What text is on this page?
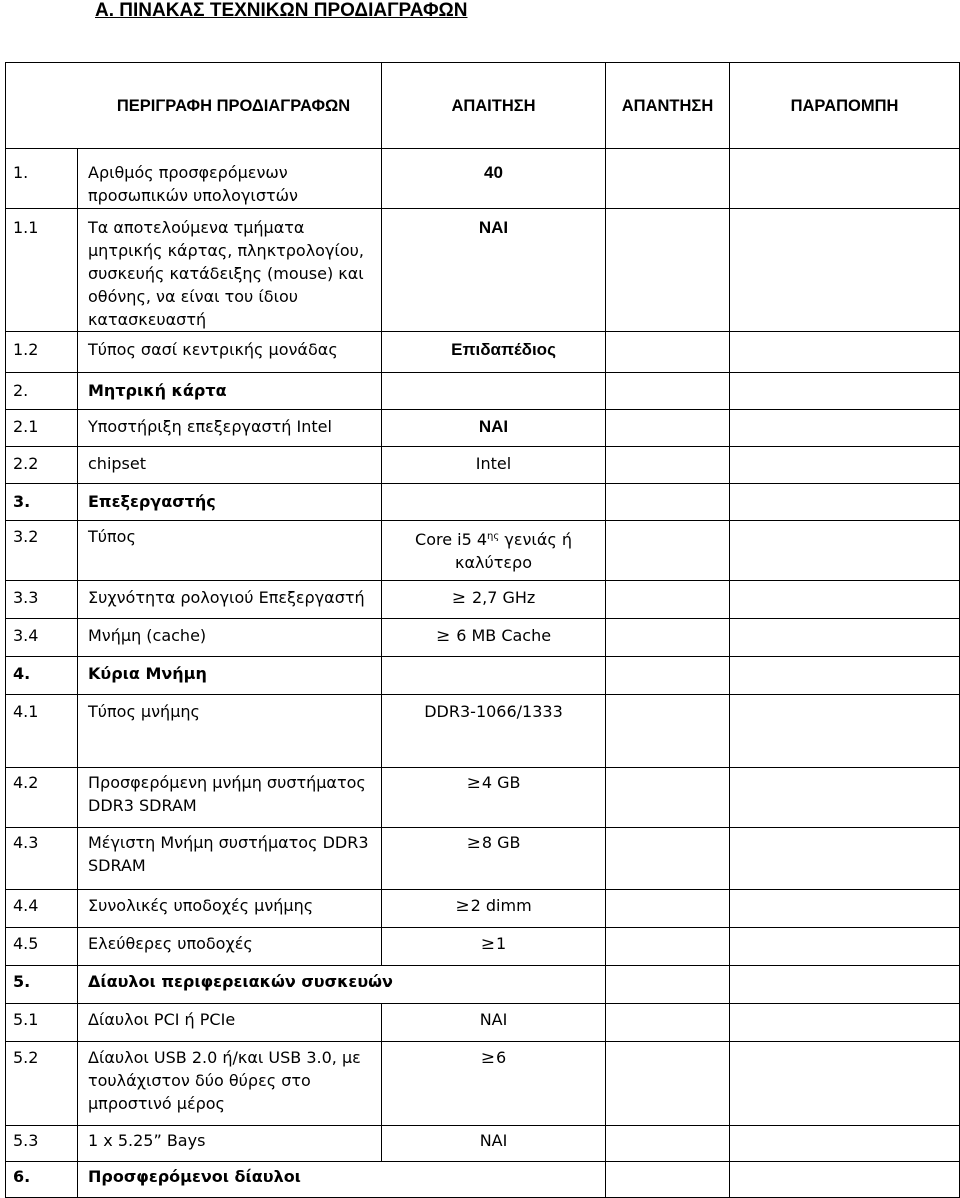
Α. ΠΙΝΑΚΑΣ ΤΕΧΝΙΚΩΝ ΠΡΟΔΙΑΓΡΑΦΩΝ
ΠΕΡΙΓΡΑΦΗ ΠΡΟΔΙΑΓΡΑΦΩΝ		ΑΠΑΙΤΗΣΗ	ΑΠΑΝΤΗΣΗ	ΠΑΡΑΠΟΜΠΗ
1.	Αριθμός προσφερόμενων προσωπικών υπολογιστών	40		
1.1	Τα αποτελούμενα τμήματα μητρικής κάρτας, πληκτρολογίου, συσκευής κατάδειξης (mouse) και οθόνης, να είναι του ίδιου κατασκευαστή	ΝΑΙ		
1.2	Τύπος σασί κεντρικής μονάδας	Επιδαπέδιος		
2.	Μητρική κάρτα			
2.1	Υποστήριξη επεξεργαστή Intel	ΝΑΙ		
2.2	chipset	Intel		
3.	Επεξεργαστής			
3.2	Τύπος	Core i5 $4^{\eta\varsigma}$ γενιάς ή
καλύτερο		
3.3	Συχνότητα ρολογιού Επεξεργαστή	≥ 2,7 GHz		
3.4	Μνήμη (cache)	≥ 6 MB Cache		
4.	Κύρια Μνήμη			
4.1	Τύπος μνήμης	DDR3-1066/1333		
4.2	Προσφερόμενη μνήμη συστήματος DDR3 SDRAM	≥4 GB		
4.3	Μέγιστη Μνήμη συστήματος DDR3 SDRAM	≥8 GB		
4.4	Συνολικές υποδοχές μνήμης	≥2 dimm		
4.5	Ελεύθερες υποδοχές	≥1		
5.	Δίαυλοι περιφερειακών συσκευών			
5.1	Δίαυλοι PCI ή PCIe	ΝΑΙ		
5.2	Δίαυλοι USB 2.0 ή/και USB 3.0, με τουλάχιστον δύο θύρες στο μπροστινό μέρος	≥6		
5.3	1 x 5.25” Bays	ΝΑΙ		
6.	Προσφερόμενοι δίαυλοι			
